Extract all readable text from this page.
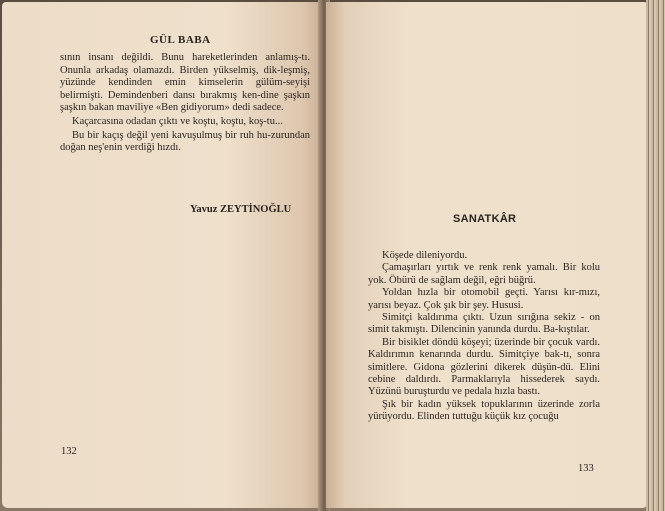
GÜL BABA

sının insanı değildi. Bunu hareketlerinden anlamış-tı. Onunla arkadaş olamazdı. Birden yükselmiş, dik-leşmiş, yüzünde kendinden emin kimselerin gülüm-seyişi belirmişti. Demindenberi dansı bırakmış ken-dine şaşkın şaşkın bakan maviliye «Ben gidiyorum» dedi sadece.

Kaçarcasına odadan çıktı ve koştu, koştu, koş-tu...

Bu bir kaçış değil yeni kavuşulmuş bir ruh hu-zurundan doğan neş'enin verdiği hızdı.

Yavuz ZEYTİNOĞLU
132
SANATKÂR

Köşede dileniyordu.

Çamaşırları yırtık ve renk renk yamalı. Bir kolu yok. Öbürü de sağlam değil, eğri büğrü.

Yoldan hızla bir otomobil geçti. Yarısı kır-mızı, yarısı beyaz. Çok şık bir şey. Hususi.

Simitçi kaldırıma çıktı. Uzun sırığına sekiz - on simit takmıştı. Dilencinin yanında durdu. Ba-kıştılar.

Bir bisiklet döndü köşeyi; üzerinde bir çocuk vardı. Kaldırımın kenarında durdu. Simitçiye bak-tı, sonra simitlere. Gidona gözlerini dikerek düşün-dü. Elini cebine daldırdı. Parmaklarıyla hissederek saydı. Yüzünü buruşturdu ve pedala hızla bastı.

Şık bir kadın yüksek topuklarının üzerinde zorla yürüyordu. Elinden tuttuğu küçük kız çocuğu

133
